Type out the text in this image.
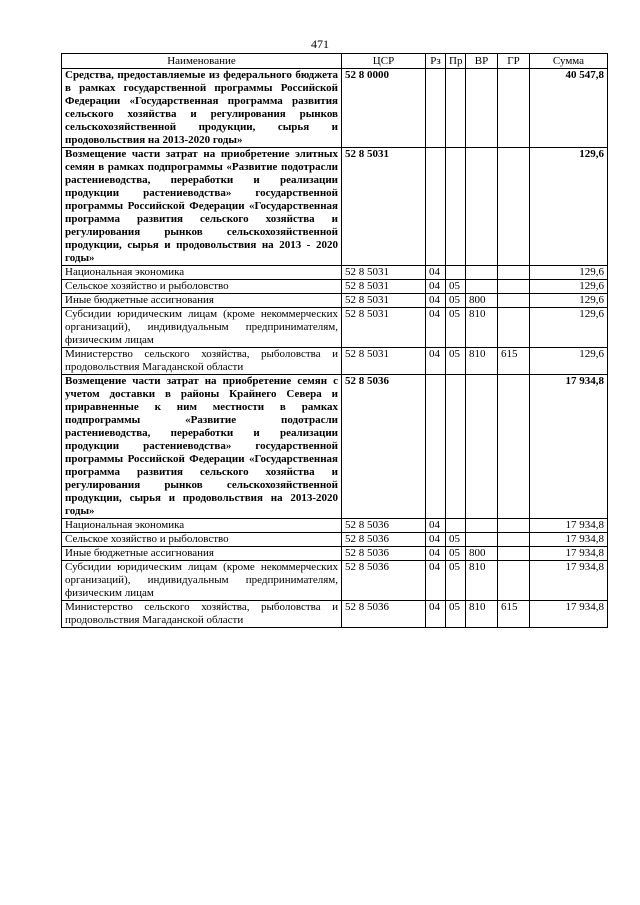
471
Наименование	ЦСР	Рз	Пр	ВР	ГР	Сумма
Средства, предоставляемые из федерального бюджета в рамках государственной программы Российской Федерации «Государственная программа развития сельского хозяйства и регулирования рынков сельскохозяйственной продукции, сырья и продовольствия на 2013-2020 годы»	52 8 0000					40 547,8
Возмещение части затрат на приобретение элитных семян в рамках подпрограммы «Развитие подотрасли растениеводства, переработки и реализации продукции растениеводства» государственной программы Российской Федерации «Государственная программа развития сельского хозяйства и регулирования рынков сельскохозяйственной продукции, сырья и продовольствия на 2013 - 2020 годы»	52 8 5031					129,6
Национальная экономика	52 8 5031	04				129,6
Сельское хозяйство и рыболовство	52 8 5031	04	05			129,6
Иные бюджетные ассигнования	52 8 5031	04	05	800		129,6
Субсидии юридическим лицам (кроме некоммерческих организаций), индивидуальным предпринимателям, физическим лицам	52 8 5031	04	05	810		129,6
Министерство сельского хозяйства, рыболовства и продовольствия Магаданской области	52 8 5031	04	05	810	615	129,6
Возмещение части затрат на приобретение семян с учетом доставки в районы Крайнего Севера и приравненные к ним местности в рамках подпрограммы «Развитие подотрасли растениеводства, переработки и реализации продукции растениеводства» государственной программы Российской Федерации «Государственная программа развития сельского хозяйства и регулирования рынков сельскохозяйственной продукции, сырья и продовольствия на 2013-2020 годы»	52 8 5036					17 934,8
Национальная экономика	52 8 5036	04				17 934,8
Сельское хозяйство и рыболовство	52 8 5036	04	05			17 934,8
Иные бюджетные ассигнования	52 8 5036	04	05	800		17 934,8
Субсидии юридическим лицам (кроме некоммерческих организаций), индивидуальным предпринимателям, физическим лицам	52 8 5036	04	05	810		17 934,8
Министерство сельского хозяйства, рыболовства и продовольствия Магаданской области	52 8 5036	04	05	810	615	17 934,8
